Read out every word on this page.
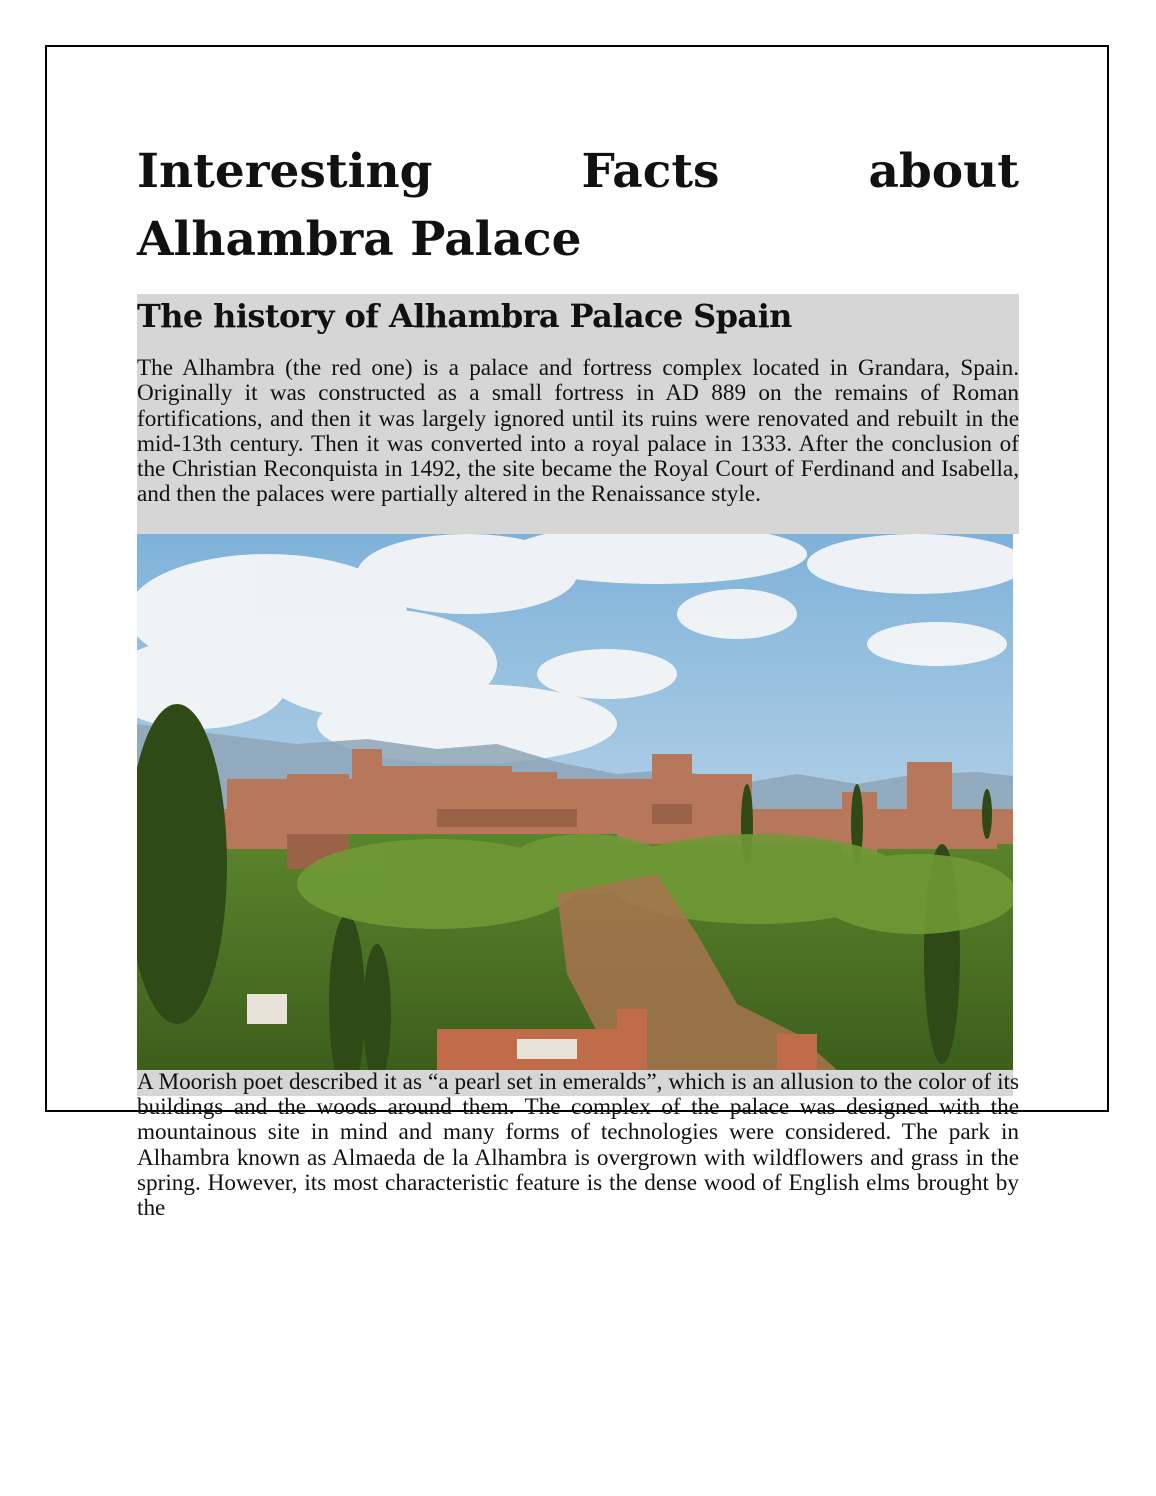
Interesting Facts about Alhambra Palace
The history of Alhambra Palace Spain

The Alhambra (the red one) is a palace and fortress complex located in Grandara, Spain. Originally it was constructed as a small fortress in AD 889 on the remains of Roman fortifications, and then it was largely ignored until its ruins were renovated and rebuilt in the mid-13th century. Then it was converted into a royal palace in 1333. After the conclusion of the Christian Reconquista in 1492, the site became the Royal Court of Ferdinand and Isabella, and then the palaces were partially altered in the Renaissance style.

A Moorish poet described it as “a pearl set in emeralds”, which is an allusion to the color of its buildings and the woods around them. The complex of the palace was designed with the mountainous site in mind and many forms of technologies were considered. The park in Alhambra known as Almaeda de la Alhambra is overgrown with wildflowers and grass in the spring. However, its most characteristic feature is the dense wood of English elms brought by the
